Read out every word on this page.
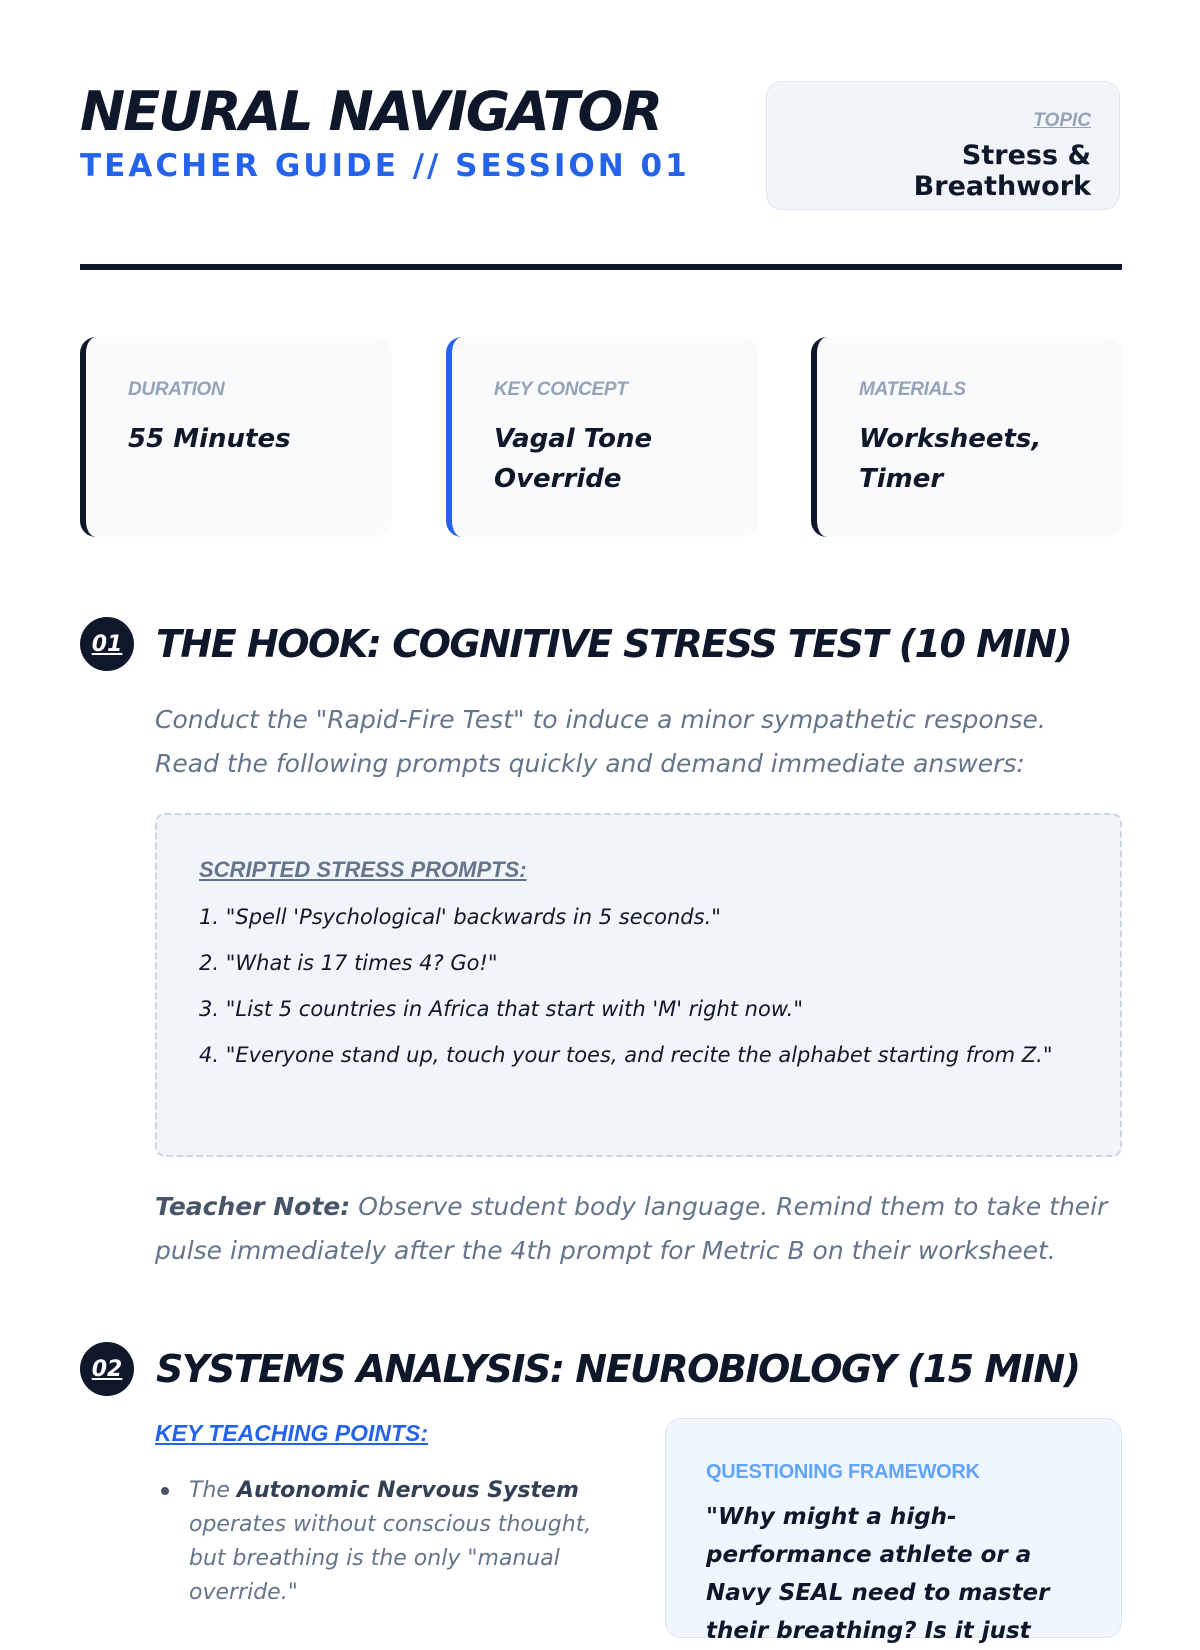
NEURAL NAVIGATOR
TEACHER GUIDE // SESSION 01
TOPIC
Stress & Breathwork
DURATION
55 Minutes
KEY CONCEPT
Vagal Tone Override
MATERIALS
Worksheets, Timer
01 THE HOOK: COGNITIVE STRESS TEST (10 MIN)
Conduct the "Rapid-Fire Test" to induce a minor sympathetic response. Read the following prompts quickly and demand immediate answers:
SCRIPTED STRESS PROMPTS:
1. "Spell 'Psychological' backwards in 5 seconds."
2. "What is 17 times 4? Go!"
3. "List 5 countries in Africa that start with 'M' right now."
4. "Everyone stand up, touch your toes, and recite the alphabet starting from Z."
Teacher Note: Observe student body language. Remind them to take their pulse immediately after the 4th prompt for Metric B on their worksheet.
02 SYSTEMS ANALYSIS: NEUROBIOLOGY (15 MIN)
KEY TEACHING POINTS:
The Autonomic Nervous System operates without conscious thought, but breathing is the only "manual override."
QUESTIONING FRAMEWORK
"Why might a high-performance athlete or a Navy SEAL need to master their breathing? Is it just
